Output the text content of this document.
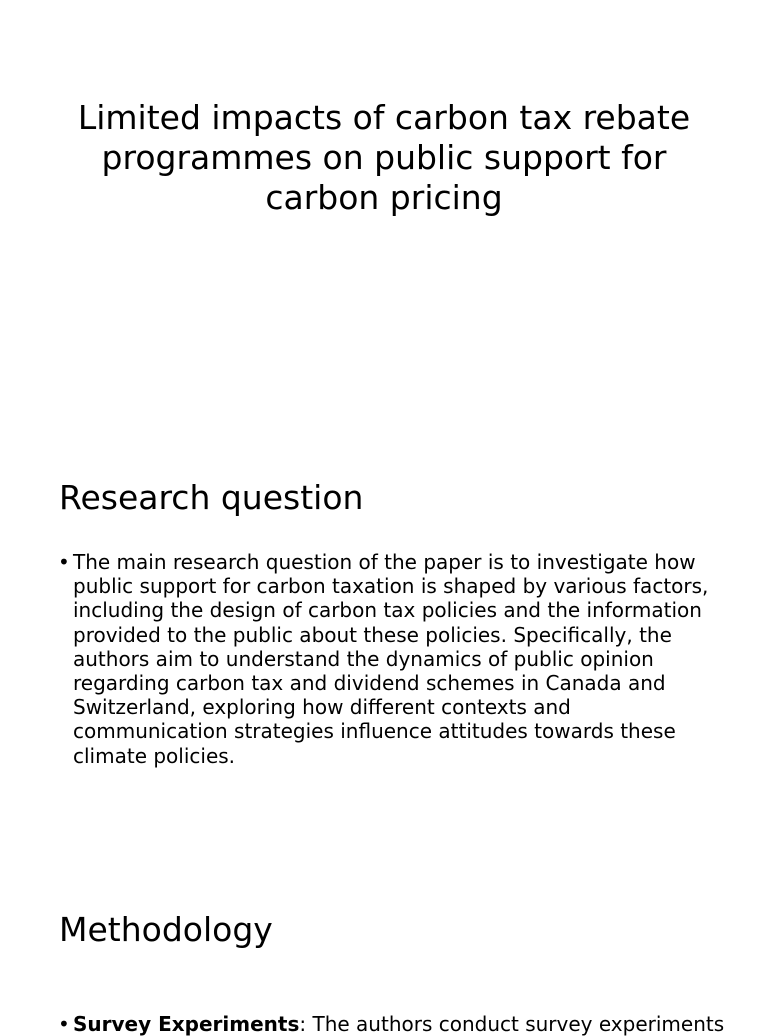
Limited impacts of carbon tax rebate programmes on public support for carbon pricing
Research question
• The main research question of the paper is to investigate how public support for carbon taxation is shaped by various factors, including the design of carbon tax policies and the information provided to the public about these policies. Specifically, the authors aim to understand the dynamics of public opinion regarding carbon tax and dividend schemes in Canada and Switzerland, exploring how different contexts and communication strategies influence attitudes towards these climate policies.
Methodology
• Survey Experiments: The authors conduct survey experiments
